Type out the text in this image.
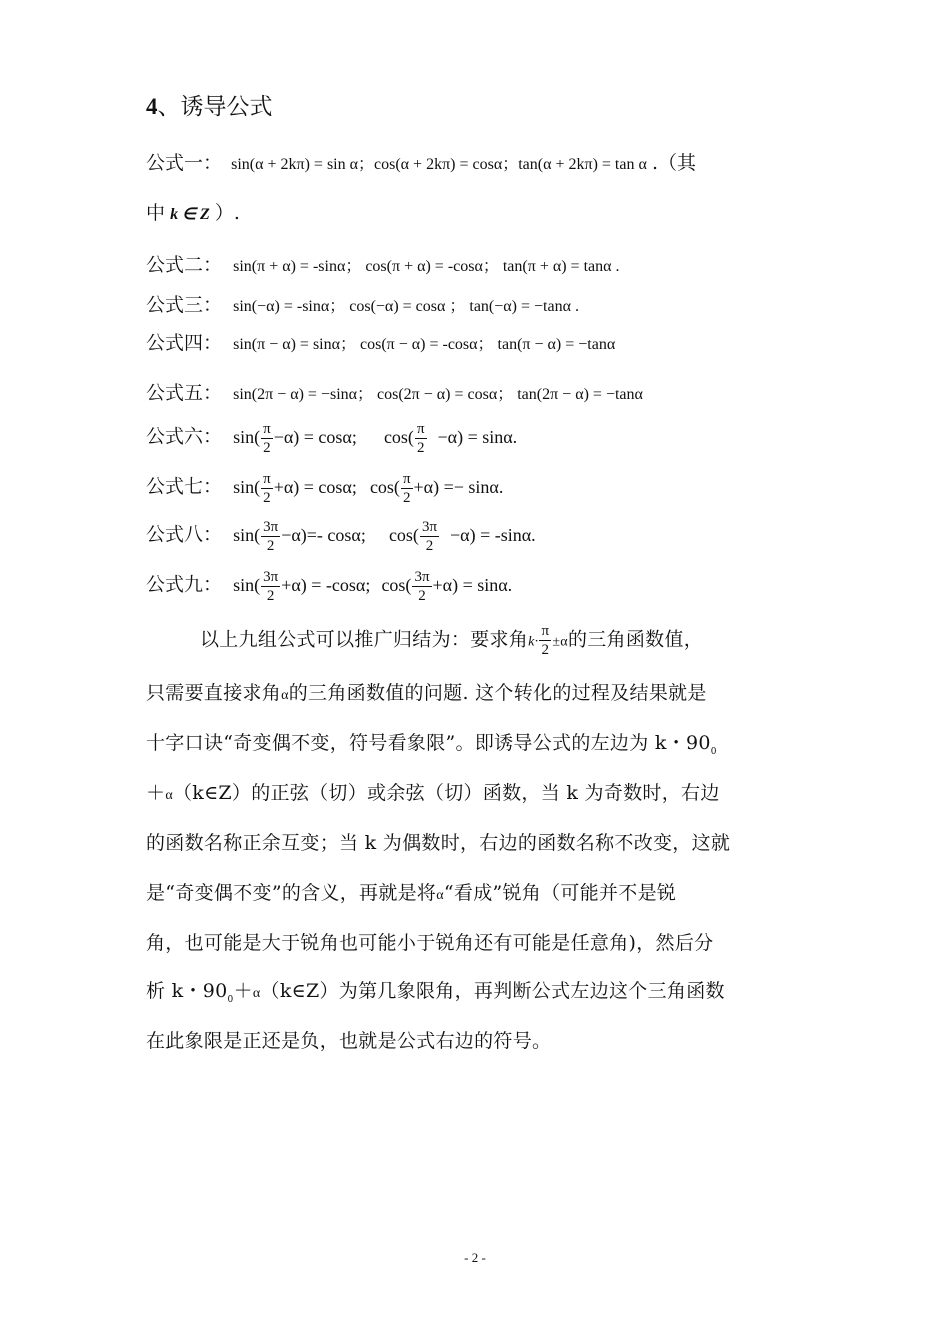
4、诱导公式
公式一： sin(α + 2kπ) = sin α；cos(α + 2kπ) = cosα；tan(α + 2kπ) = tan α .（其
中 k ∈ Z ）.
公式二： sin(π + α) = -sinα； cos(π + α) = -cosα； tan(π + α) = tanα .
公式三： sin(−α) = -sinα； cos(−α) = cosα ； tan(−α) = −tanα .
公式四： sin(π − α) = sinα； cos(π − α) = -cosα； tan(π − α) = −tanα
公式五： sin(2π − α) = −sinα； cos(2π − α) = cosα； tan(2π − α) = −tanα
公式六： $\sin( \frac{\pi}{2} -\alpha) = \cos\alpha$; $\cos( \frac{\pi}{2} -\alpha) = \sin\alpha$.
公式七： $\sin( \frac{\pi}{2} +\alpha) = \cos\alpha$; $\cos( \frac{\pi}{2} +\alpha) =- \sin\alpha$.
公式八： $\sin( \frac{3\pi}{2} -\alpha)=-$ cosα; $\cos( \frac{3\pi}{2} -\alpha) = -\sin\alpha$.
公式九： $\sin( \frac{3\pi}{2} +\alpha) = -\cos\alpha$; $\cos( \frac{3\pi}{2} +\alpha) = \sin\alpha$.
以上九组公式可以推广归结为：要求角$k\cdot \frac{\pi}{2} \pm\alpha$的三角函数值，
只需要直接求角α的三角函数值的问题. 这个转化的过程及结果就是
十字口诀“奇变偶不变，符号看象限”。即诱导公式的左边为 k・$90_0$
＋α（k∈Z）的正弦（切）或余弦（切）函数，当 k 为奇数时，右边
的函数名称正余互变；当 k 为偶数时，右边的函数名称不改变，这就
是“奇变偶不变”的含义，再就是将α“看成”锐角（可能并不是锐
角，也可能是大于锐角也可能小于锐角还有可能是任意角)，然后分
析 k・$90_0+\alpha(k\in Z)$为第几象限角，再判断公式左边这个三角函数
在此象限是正还是负，也就是公式右边的符号。
- 2 -
